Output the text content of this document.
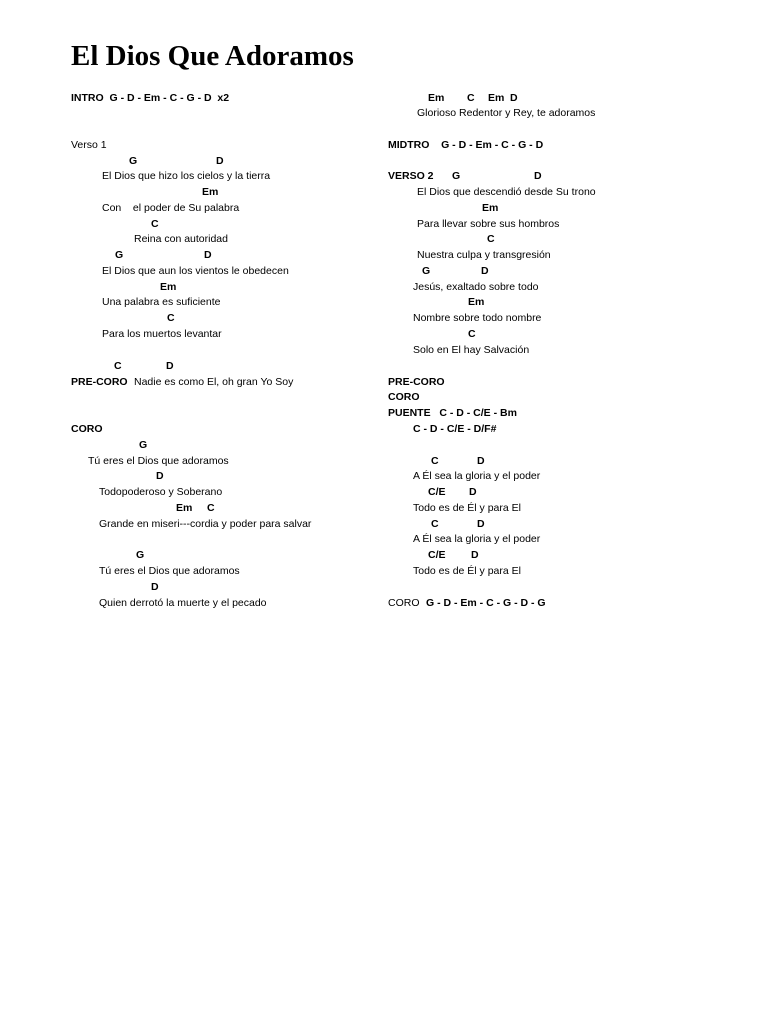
El Dios Que Adoramos
INTRO  G - D - Em - C - G - D  x2
Verso 1
G	D
El Dios que hizo los cielos y la tierra
Em
Con    el poder de Su palabra
C
Reina con autoridad
G	D
El Dios que aun los vientos le obedecen
Em
Una palabra es suficiente
C
Para los muertos levantar
C	D
PRE-CORO Nadie es como El, oh gran Yo Soy
CORO
G
Tú eres el Dios que adoramos
D
Todopoderoso y Soberano
Em C
Grande en miseri---cordia y poder para salvar
G
Tú eres el Dios que adoramos
D
Quien derrotó la muerte y el pecado
Em C Em D
Glorioso Redentor y Rey, te adoramos
MIDTRO    G - D - Em - C - G - D
VERSO 2 G	D
El Dios que descendió desde Su trono
Em
Para llevar sobre sus hombros
C
Nuestra culpa y transgresión
G	D
Jesús, exaltado sobre todo
Em
Nombre sobre todo nombre
C
Solo en El hay Salvación
PRE-CORO
CORO
PUENTE   C - D - C/E - Bm
C - D - C/E - D/F#
C	D
A Él sea la gloria y el poder
C/E D
Todo es de Él y para El
C	D
A Él sea la gloria y el poder
C/E D
Todo es de Él y para El
CORO G - D - Em - C - G - D - G
